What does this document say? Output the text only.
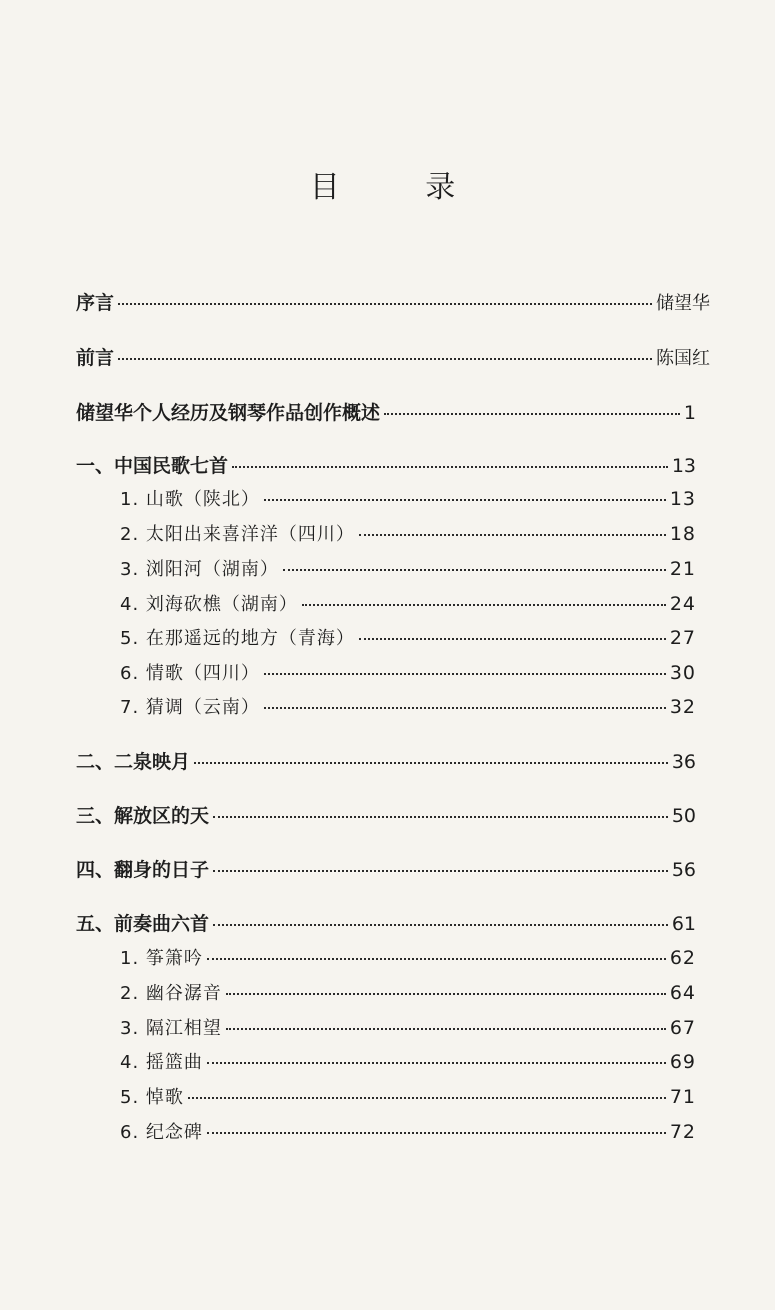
目 录
序言	储望华
前言	陈国红
储望华个人经历及钢琴作品创作概述	1
一、中国民歌七首	13
1. 山歌（陕北）	13
2. 太阳出来喜洋洋（四川）	18
3. 浏阳河（湖南）	21
4. 刘海砍樵（湖南）	24
5. 在那遥远的地方（青海）	27
6. 情歌（四川）	30
7. 猜调（云南）	32
二、二泉映月	36
三、解放区的天	50
四、翻身的日子	56
五、前奏曲六首	61
1. 筝箫吟	62
2. 幽谷潺音	64
3. 隔江相望	67
4. 摇篮曲	69
5. 悼歌	71
6. 纪念碑	72
